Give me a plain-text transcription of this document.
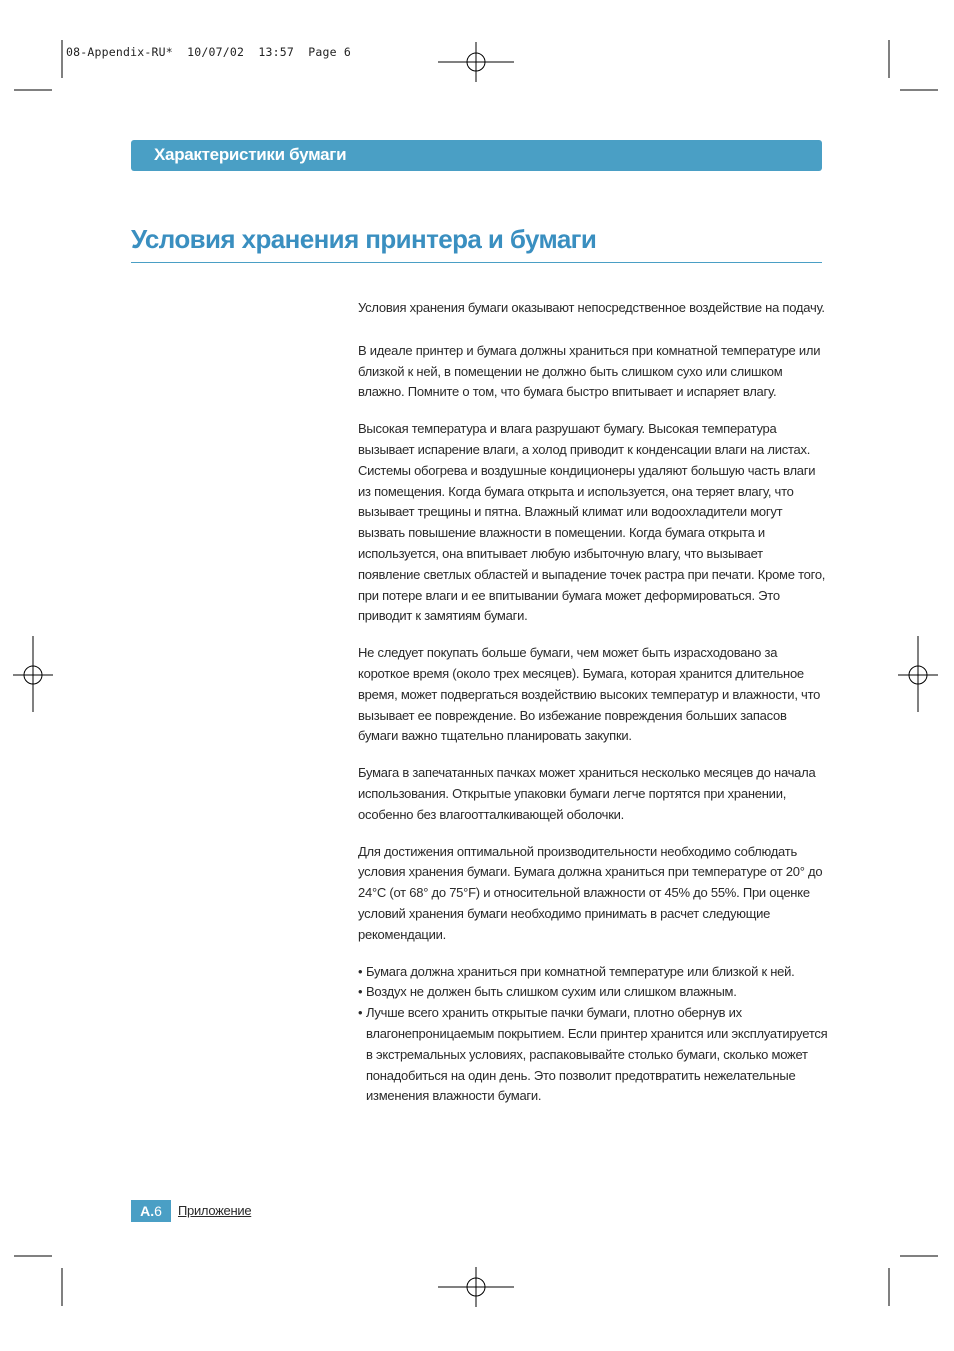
08-Appendix-RU*  10/07/02  13:57  Page 6
Характеристики бумаги
Условия хранения принтера и бумаги

Условия хранения бумаги оказывают непосредственное воздействие на подачу.

В идеале принтер и бумага должны храниться при комнатной температуре или близкой к ней, в помещении не должно быть слишком сухо или слишком влажно. Помните о том, что бумага быстро впитывает и испаряет влагу.

Высокая температура и влага разрушают бумагу. Высокая температура вызывает испарение влаги, а холод приводит к конденсации влаги на листах. Системы обогрева и воздушные кондиционеры удаляют большую часть влаги из помещения. Когда бумага открыта и используется, она теряет влагу, что вызывает трещины и пятна. Влажный климат или водоохладители могут вызвать повышение влажности в помещении. Когда бумага открыта и используется, она впитывает любую избыточную влагу, что вызывает появление светлых областей и выпадение точек растра при печати. Кроме того, при потере влаги и ее впитывании бумага может деформироваться. Это приводит к замятиям бумаги.

Не следует покупать больше бумаги, чем может быть израсходовано за короткое время (около трех месяцев). Бумага, которая хранится длительное время, может подвергаться воздействию высоких температур и влажности, что вызывает ее повреждение. Во избежание повреждения больших запасов бумаги важно тщательно планировать закупки.

Бумага в запечатанных пачках может храниться несколько месяцев до начала использования. Открытые упаковки бумаги легче портятся при хранении, особенно без влагоотталкивающей оболочки.

Для достижения оптимальной производительности необходимо соблюдать условия хранения бумаги. Бумага должна храниться при температуре от 20° до 24°C (от 68° до 75°F) и относительной влажности от 45% до 55%. При оценке условий хранения бумаги необходимо принимать в расчет следующие рекомендации.

• Бумага должна храниться при комнатной температуре или близкой к ней.
• Воздух не должен быть слишком сухим или слишком влажным.
• Лучше всего хранить открытые пачки бумаги, плотно обернув их влагонепроницаемым покрытием. Если принтер хранится или эксплуатируется в экстремальных условиях, распаковывайте столько бумаги, сколько может понадобиться на один день. Это позволит предотвратить нежелательные изменения влажности бумаги.
A.6	Приложение
